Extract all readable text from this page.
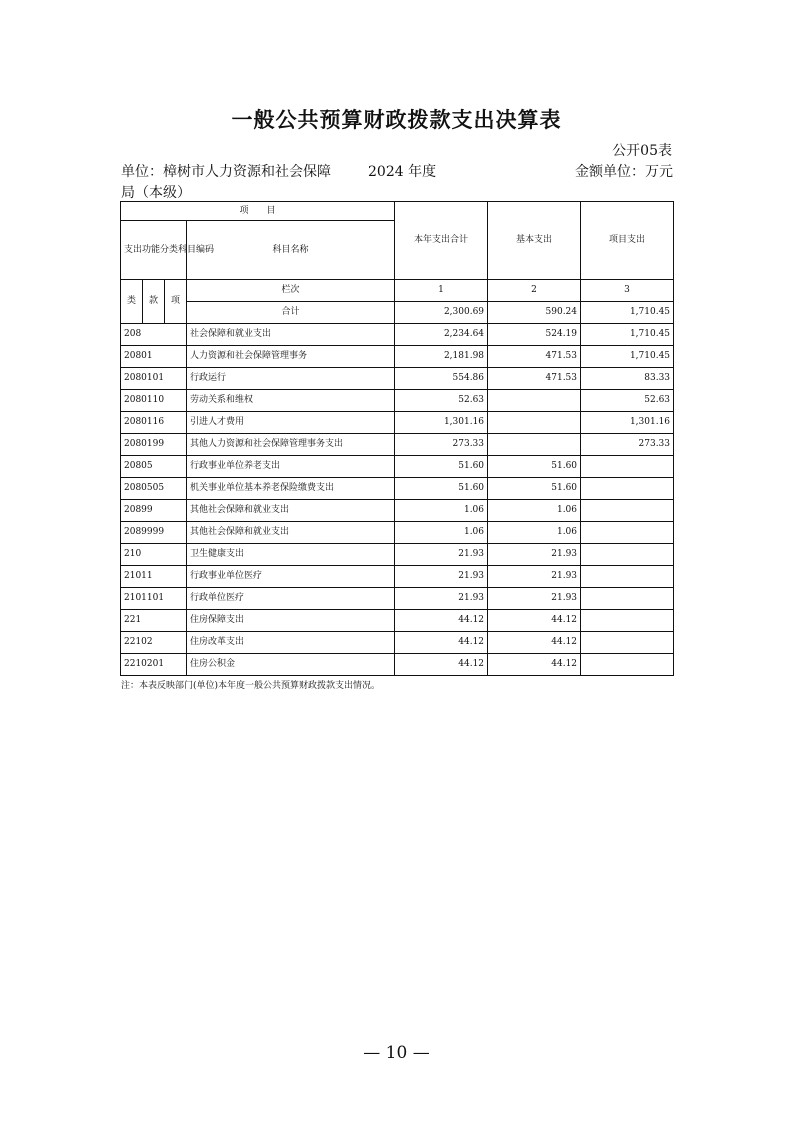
一般公共预算财政拨款支出决算表
公开05表
单位：樟树市人力资源和社会保障	2024 年度	金额单位：万元
局（本级）
项　　目				本年支出合计	基本支出	项目支出
支出功能分类科目编码			科目名称			
类	款	项	栏次	1	2	3
			合计	2,300.69	590.24	1,710.45
208			社会保障和就业支出	2,234.64	524.19	1,710.45
20801			人力资源和社会保障管理事务	2,181.98	471.53	1,710.45
2080101			行政运行	554.86	471.53	83.33
2080110			劳动关系和维权	52.63		52.63
2080116			引进人才费用	1,301.16		1,301.16
2080199			其他人力资源和社会保障管理事务支出	273.33		273.33
20805			行政事业单位养老支出	51.60	51.60	
2080505			机关事业单位基本养老保险缴费支出	51.60	51.60	
20899			其他社会保障和就业支出	1.06	1.06	
2089999			其他社会保障和就业支出	1.06	1.06	
210			卫生健康支出	21.93	21.93	
21011			行政事业单位医疗	21.93	21.93	
2101101			行政单位医疗	21.93	21.93	
221			住房保障支出	44.12	44.12	
22102			住房改革支出	44.12	44.12	
2210201			住房公积金	44.12	44.12	
注：本表反映部门(单位)本年度一般公共预算财政拨款支出情况。
— 10 —
